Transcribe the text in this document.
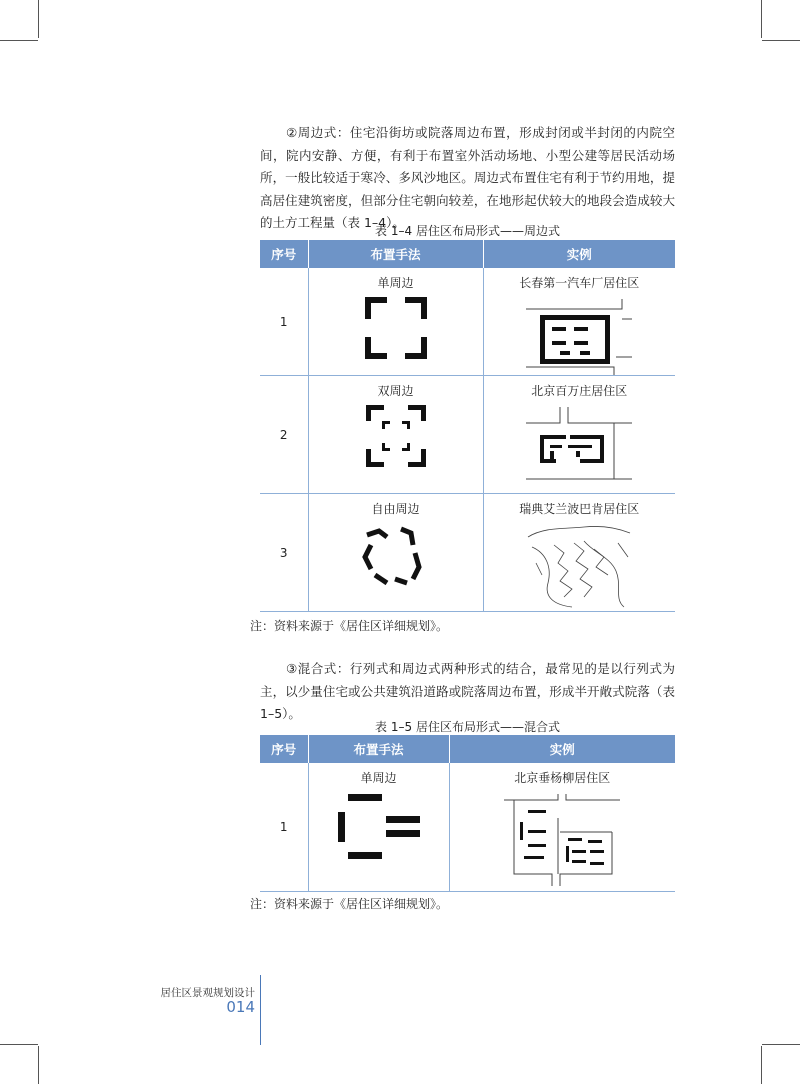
②周边式：住宅沿街坊或院落周边布置，形成封闭或半封闭的内院空间，院内安静、方便，有利于布置室外活动场地、小型公建等居民活动场所，一般比较适于寒冷、多风沙地区。周边式布置住宅有利于节约用地，提高居住建筑密度，但部分住宅朝向较差，在地形起伏较大的地段会造成较大的土方工程量（表 1–4）。

表 1–4 居住区布局形式——周边式
序号	布置手法	实例
1	单周边	长春第一汽车厂居住区

2	双周边	北京百万庄居住区

3	自由周边	瑞典艾兰波巴肯居住区
注：资料来源于《居住区详细规划》。

③混合式：行列式和周边式两种形式的结合，最常见的是以行列式为主，以少量住宅或公共建筑沿道路或院落周边布置，形成半开敞式院落（表 1–5）。

表 1–5 居住区布局形式——混合式
序号	布置手法	实例
1	单周边	北京垂杨柳居住区
注：资料来源于《居住区详细规划》。
居住区景观规划设计
014
